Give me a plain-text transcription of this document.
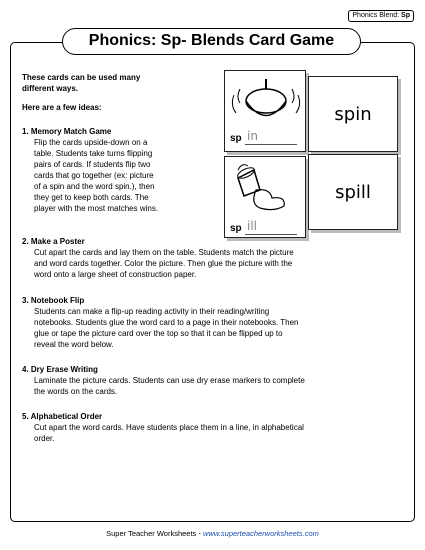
Phonics Blend: Sp
Phonics: Sp- Blends Card Game
These cards can be used many
different ways.
Here are a few ideas:
1. Memory Match Game
Flip the cards upside-down on a
table. Students take turns flipping
pairs of cards. If students flip two
cards that go together (ex: picture
of a spin and the word spin.), then
they get to keep both cards. The
player with the most matches wins.
sp in
spin
sp ill
spill
2. Make a Poster
Cut apart the cards and lay them on the table. Students match the picture
and word cards together. Color the picture. Then glue the picture with the
word onto a large sheet of construction paper.
3. Notebook Flip
Students can make a flip-up reading activity in their reading/writing
notebooks. Students glue the word card to a page in their notebooks. Then
glue or tape the picture card over the top so that it can be flipped up to
reveal the word below.
4. Dry Erase Writing
Laminate the picture cards. Students can use dry erase markers to complete
the words on the cards.
5. Alphabetical Order
Cut apart the word cards. Have students place them in a line, in alphabetical
order.
Super Teacher Worksheets - www.superteacherworksheets.com
